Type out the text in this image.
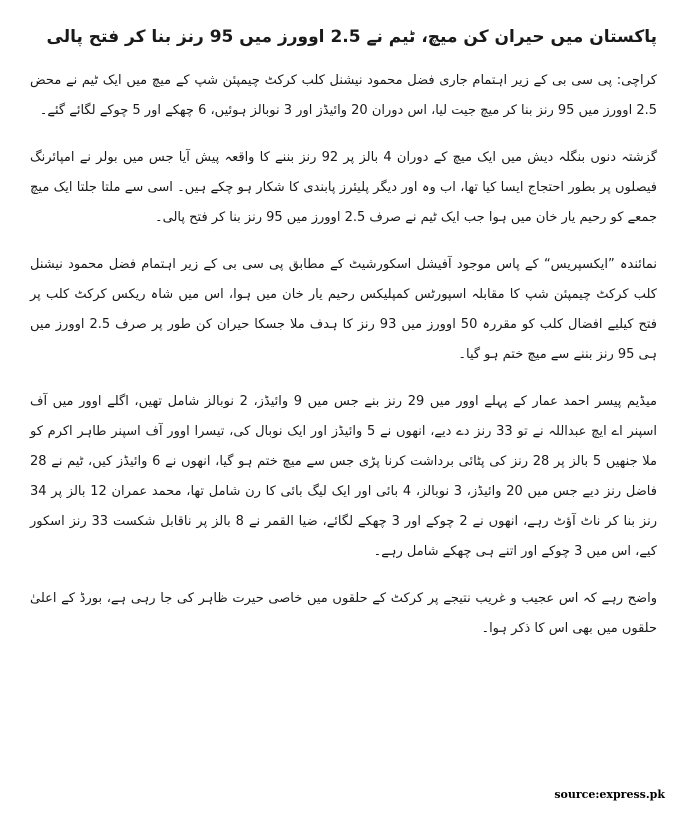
پاکستان میں حیران کن میچ، ٹیم نے 2.5 اوورز میں 95 رنز بنا کر فتح پالی

کراچی: پی سی بی کے زیر اہتمام جاری فضل محمود نیشنل کلب کرکٹ چیمپئن شپ کے میچ میں ایک ٹیم نے محض 2.5 اوورز میں 95 رنز بنا کر میچ جیت لیا، اس دوران 20 وائیڈز اور 3 نوبالز ہوئیں، 6 چھکے اور 5 چوکے لگائے گئے۔

گزشتہ دنوں بنگلہ دیش میں ایک میچ کے دوران 4 بالز پر 92 رنز بننے کا واقعہ پیش آیا جس میں بولر نے امپائرنگ فیصلوں پر بطور احتجاج ایسا کیا تھا، اب وہ اور دیگر پلیئرز پابندی کا شکار ہو چکے ہیں۔ اسی سے ملتا جلتا ایک میچ جمعے کو رحیم یار خان میں ہوا جب ایک ٹیم نے صرف 2.5 اوورز میں 95 رنز بنا کر فتح پالی۔

نمائندہ ”ایکسپریس“ کے پاس موجود آفیشل اسکورشیٹ کے مطابق پی سی بی کے زیر اہتمام فضل محمود نیشنل کلب کرکٹ چیمپئن شپ کا مقابلہ اسپورٹس کمپلیکس رحیم یار خان میں ہوا، اس میں شاہ ریکس کرکٹ کلب پر فتح کیلیے افضال کلب کو مقررہ 50 اوورز میں 93 رنز کا ہدف ملا جسکا حیران کن طور پر صرف 2.5 اوورز میں ہی 95 رنز بننے سے میچ ختم ہو گیا۔

میڈیم پیسر احمد عمار کے پہلے اوور میں 29 رنز بنے جس میں 9 وائیڈز، 2 نوبالز شامل تھیں، اگلے اوور میں آف اسپنر اے ایچ عبداللہ نے تو 33 رنز دے دیے، انھوں نے 5 وائیڈز اور ایک نوبال کی، تیسرا اوور آف اسپنر طاہر اکرم کو ملا جنھیں 5 بالز پر 28 رنز کی پٹائی برداشت کرنا پڑی جس سے میچ ختم ہو گیا، انھوں نے 6 وائیڈز کیں، ٹیم نے 28 فاضل رنز دیے جس میں 20 وائیڈز، 3 نوبالز، 4 بائی اور ایک لیگ بائی کا رن شامل تھا، محمد عمران 12 بالز پر 34 رنز بنا کر ناٹ آؤٹ رہے، انھوں نے 2 چوکے اور 3 چھکے لگائے، ضیا القمر نے 8 بالز پر ناقابل شکست 33 رنز اسکور کیے، اس میں 3 چوکے اور اتنے ہی چھکے شامل رہے۔

واضح رہے کہ اس عجیب و غریب نتیجے پر کرکٹ کے حلقوں میں خاصی حیرت ظاہر کی جا رہی ہے، بورڈ کے اعلیٰ حلقوں میں بھی اس کا ذکر ہوا۔

source:express.pk
